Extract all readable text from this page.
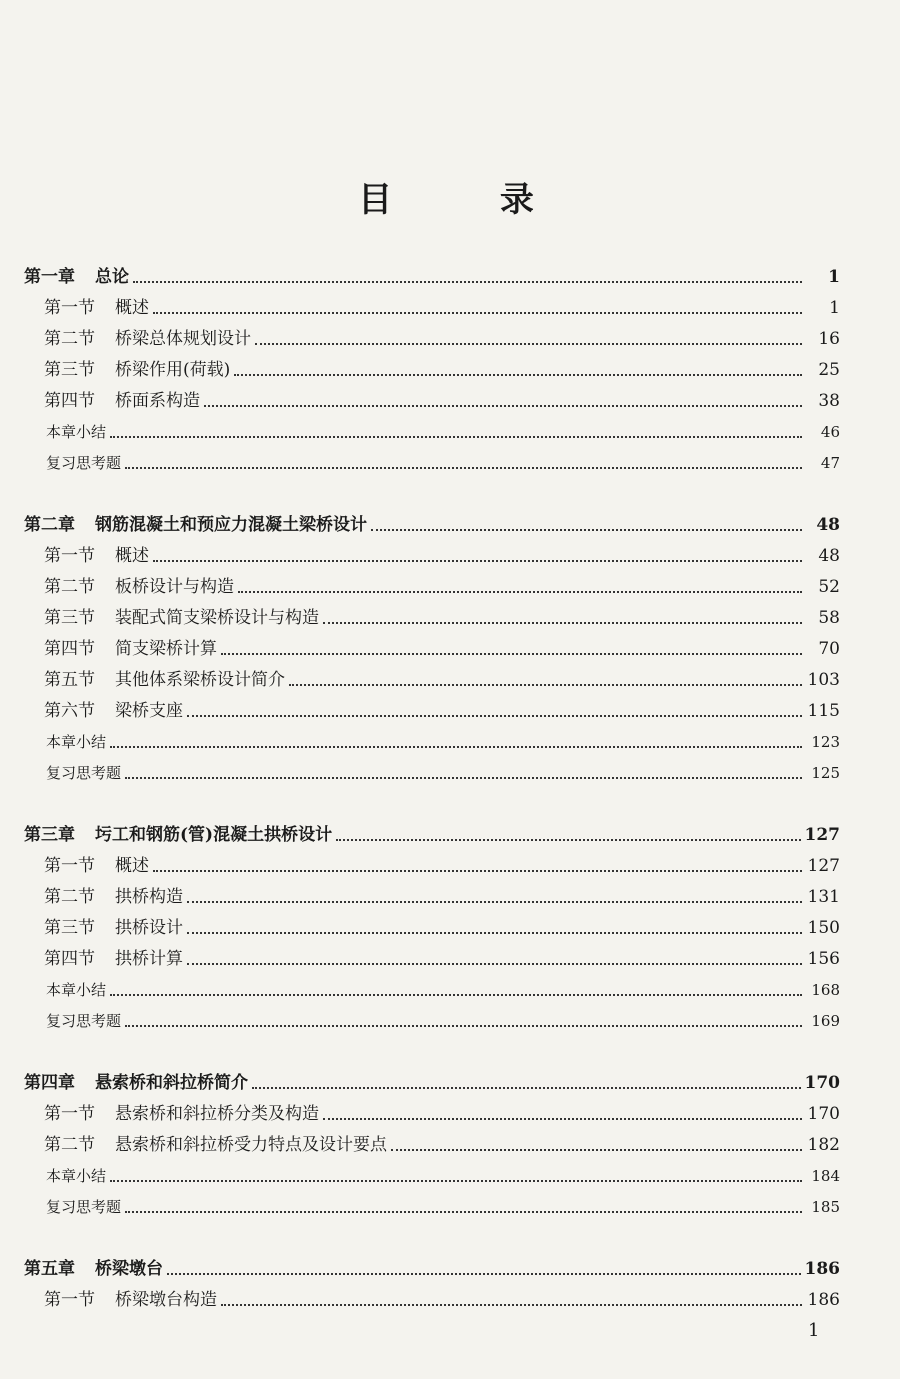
目 录
第一章 总论	1
第一节 概述	1
第二节 桥梁总体规划设计	16
第三节 桥梁作用(荷载)	25
第四节 桥面系构造	38
本章小结	46
复习思考题	47
第二章 钢筋混凝土和预应力混凝土梁桥设计	48
第一节 概述	48
第二节 板桥设计与构造	52
第三节 装配式简支梁桥设计与构造	58
第四节 简支梁桥计算	70
第五节 其他体系梁桥设计简介	103
第六节 梁桥支座	115
本章小结	123
复习思考题	125
第三章 圬工和钢筋(管)混凝土拱桥设计	127
第一节 概述	127
第二节 拱桥构造	131
第三节 拱桥设计	150
第四节 拱桥计算	156
本章小结	168
复习思考题	169
第四章 悬索桥和斜拉桥简介	170
第一节 悬索桥和斜拉桥分类及构造	170
第二节 悬索桥和斜拉桥受力特点及设计要点	182
本章小结	184
复习思考题	185
第五章 桥梁墩台	186
第一节 桥梁墩台构造	186
1
